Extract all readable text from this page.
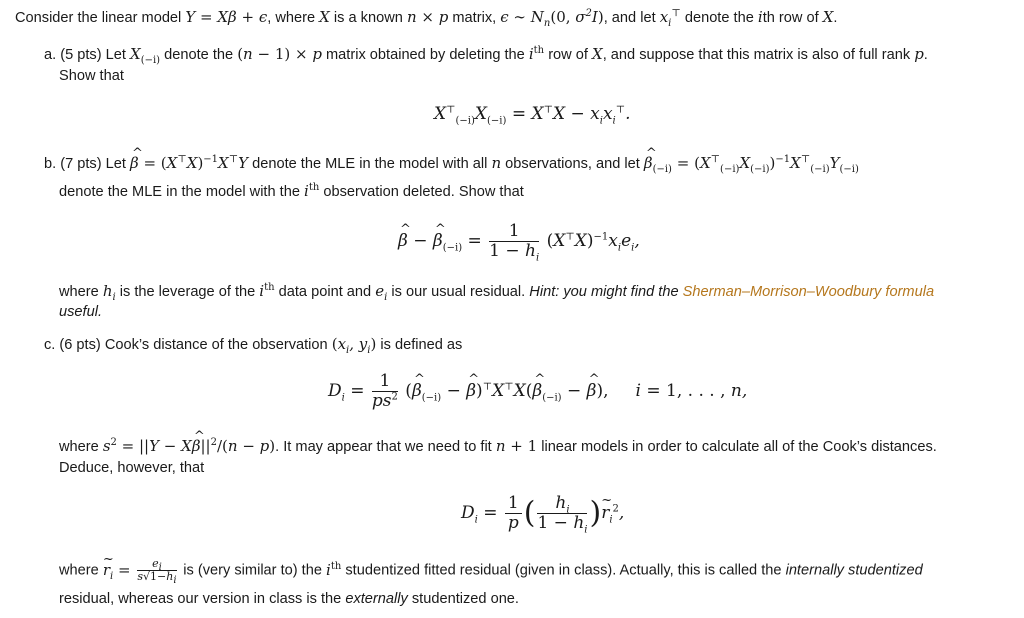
Consider the linear model Y = Xβ + ϵ, where X is a known n × p matrix, ϵ ∼ $N_n(0$, $\sigma^2I$), and let $x_i^⊤$ denote the ith row of X.
a. (5 pts) Let $X_{(-i)}$ denote the (n − 1) × p matrix obtained by deleting the $i^{th}$ row of X, and suppose that this matrix is also of full rank p.
Show that
$X^⊤_{(-i)}X_{(-i)} = X^⊤X - x_ix_i^⊤$.
b. (7 pts) Let ^ $\beta = (X^⊤X)^{-1}X^⊤Y$ denote the MLE in the model with all n observations, and let ^ $\beta_{(-i)} = (X^⊤_{(-i)}X_{(-i)})^{-1}X^⊤_{(-i)}Y_{(-i)}$
denote the MLE in the model with the $i^{th}$ observation deleted. Show that
^ β − ^ $\beta_{(-i)} = \frac{1}{1 - h_i} (X^⊤X)^{-1}x_ie_i$,
where $h_i$ is the leverage of the $i^{th}$ data point and $e_i$ is our usual residual. Hint: you might find the Sherman–Morrison–Woodbury formula
useful.
c. (6 pts) Cook’s distance of the observation ($x_i$, $y_i$) is defined as
$D_i = \frac{1}{ps^2}$ (^ $\beta_{(-i)}$ − ^ β)⊤X⊤X(^ $\beta_{(-i)}$ − ^ β),     i = 1, . . . , n,
where $s^2 = ||Y$ − X^ $\beta||^2/(n - p)$. It may appear that we need to fit n + 1 linear models in order to calculate all of the Cook’s distances.
Deduce, however, that
$D_i = \frac{1}{p}$ ( $\frac{h_i}{1 - h_i}$ )~ $r_i^2$,
where ~ $r_i = \frac{e_i}{s√1-h_i}$ is (very similar to) the $i^{th}$ studentized fitted residual (given in class). Actually, this is called the internally studentized
residual, whereas our version in class is the externally studentized one.
